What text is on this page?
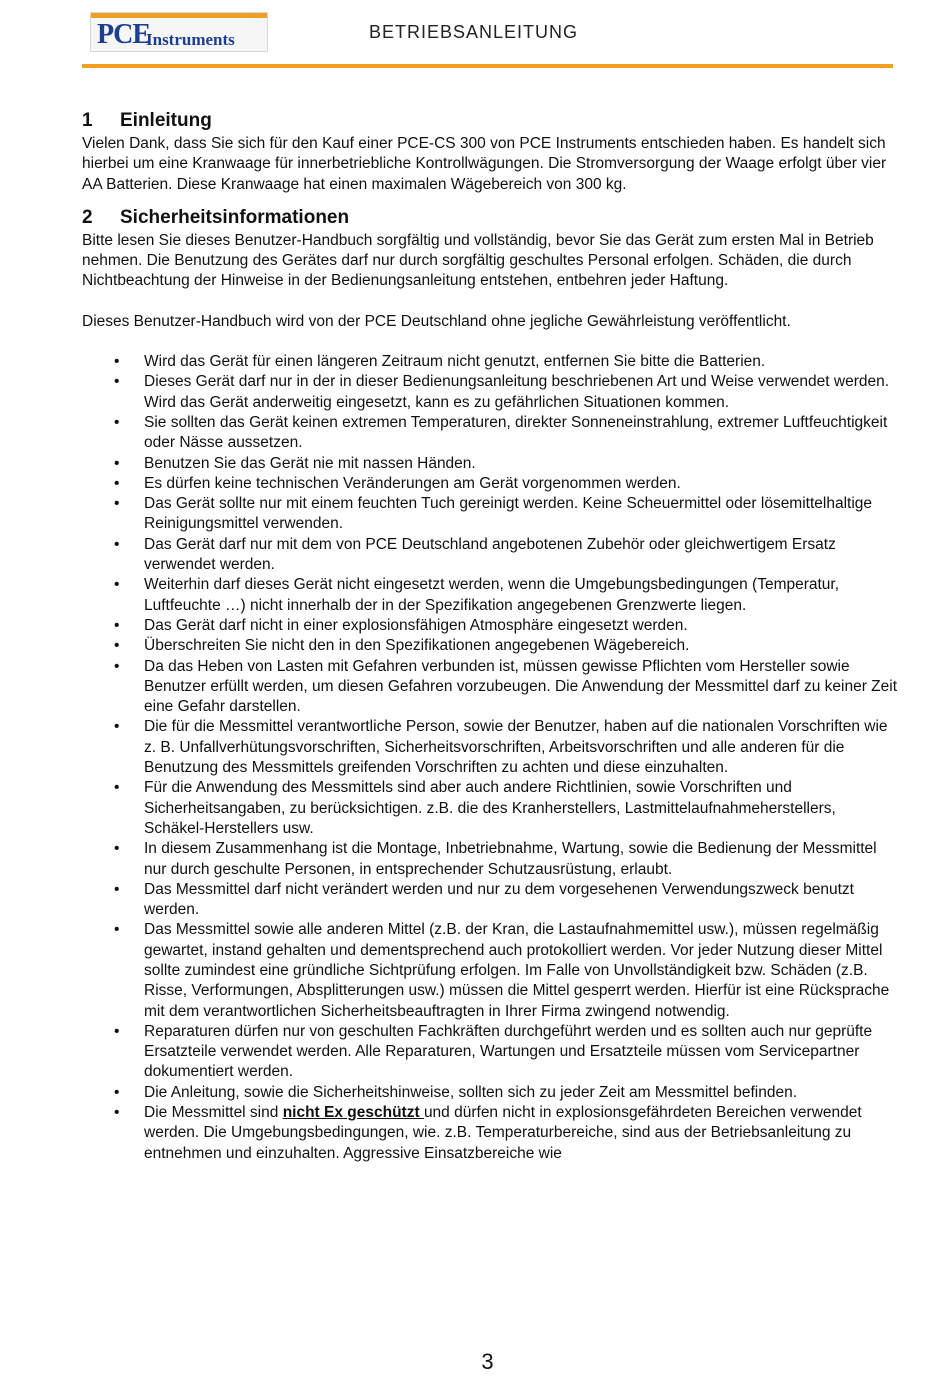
PCE
Instruments	BETRIEBSANLEITUNG
1	Einleitung

Vielen Dank, dass Sie sich für den Kauf einer PCE-CS 300 von PCE Instruments entschieden haben. Es handelt sich hierbei um eine Kranwaage für innerbetriebliche Kontrollwägungen. Die Stromversorgung der Waage erfolgt über vier AA Batterien. Diese Kranwaage hat einen maximalen Wägebereich von 300 kg.

2	Sicherheitsinformationen

Bitte lesen Sie dieses Benutzer-Handbuch sorgfältig und vollständig, bevor Sie das Gerät zum ersten Mal in Betrieb nehmen. Die Benutzung des Gerätes darf nur durch sorgfältig geschultes Personal erfolgen. Schäden, die durch Nichtbeachtung der Hinweise in der Bedienungsanleitung entstehen, entbehren jeder Haftung.

Dieses Benutzer-Handbuch wird von der PCE Deutschland ohne jegliche Gewährleistung veröffentlicht.

• Wird das Gerät für einen längeren Zeitraum nicht genutzt, entfernen Sie bitte die Batterien.
• Dieses Gerät darf nur in der in dieser Bedienungsanleitung beschriebenen Art und Weise verwendet werden. Wird das Gerät anderweitig eingesetzt, kann es zu gefährlichen Situationen kommen.
• Sie sollten das Gerät keinen extremen Temperaturen, direkter Sonneneinstrahlung, extremer Luftfeuchtigkeit oder Nässe aussetzen.
• Benutzen Sie das Gerät nie mit nassen Händen.
• Es dürfen keine technischen Veränderungen am Gerät vorgenommen werden.
• Das Gerät sollte nur mit einem feuchten Tuch gereinigt werden. Keine Scheuermittel oder lösemittelhaltige Reinigungsmittel verwenden.
• Das Gerät darf nur mit dem von PCE Deutschland angebotenen Zubehör oder gleichwertigem Ersatz verwendet werden.
• Weiterhin darf dieses Gerät nicht eingesetzt werden, wenn die Umgebungsbedingungen (Temperatur, Luftfeuchte …) nicht innerhalb der in der Spezifikation angegebenen Grenzwerte liegen.
• Das Gerät darf nicht in einer explosionsfähigen Atmosphäre eingesetzt werden.
• Überschreiten Sie nicht den in den Spezifikationen angegebenen Wägebereich.
• Da das Heben von Lasten mit Gefahren verbunden ist, müssen gewisse Pflichten vom Hersteller sowie Benutzer erfüllt werden, um diesen Gefahren vorzubeugen. Die Anwendung der Messmittel darf zu keiner Zeit eine Gefahr darstellen.
• Die für die Messmittel verantwortliche Person, sowie der Benutzer, haben auf die nationalen Vorschriften wie z. B. Unfallverhütungsvorschriften, Sicherheitsvorschriften, Arbeitsvorschriften und alle anderen für die Benutzung des Messmittels greifenden Vorschriften zu achten und diese einzuhalten.
• Für die Anwendung des Messmittels sind aber auch andere Richtlinien, sowie Vorschriften und Sicherheitsangaben, zu berücksichtigen. z.B. die des Kranherstellers, Lastmittelaufnahmeherstellers, Schäkel-Herstellers usw.
• In diesem Zusammenhang ist die Montage, Inbetriebnahme, Wartung, sowie die Bedienung der Messmittel nur durch geschulte Personen, in entsprechender Schutzausrüstung, erlaubt.
• Das Messmittel darf nicht verändert werden und nur zu dem vorgesehenen Verwendungszweck benutzt werden.
• Das Messmittel sowie alle anderen Mittel (z.B. der Kran, die Lastaufnahmemittel usw.), müssen regelmäßig gewartet, instand gehalten und dementsprechend auch protokolliert werden. Vor jeder Nutzung dieser Mittel sollte zumindest eine gründliche Sichtprüfung erfolgen. Im Falle von Unvollständigkeit bzw. Schäden (z.B. Risse, Verformungen, Absplitterungen usw.) müssen die Mittel gesperrt werden. Hierfür ist eine Rücksprache mit dem verantwortlichen Sicherheitsbeauftragten in Ihrer Firma zwingend notwendig.
• Reparaturen dürfen nur von geschulten Fachkräften durchgeführt werden und es sollten auch nur geprüfte Ersatzteile verwendet werden. Alle Reparaturen, Wartungen und Ersatzteile müssen vom Servicepartner dokumentiert werden.
• Die Anleitung, sowie die Sicherheitshinweise, sollten sich zu jeder Zeit am Messmittel befinden.
• Die Messmittel sind nicht Ex geschützt und dürfen nicht in explosionsgefährdeten Bereichen verwendet werden. Die Umgebungsbedingungen, wie. z.B. Temperaturbereiche, sind aus der Betriebsanleitung zu entnehmen und einzuhalten. Aggressive Einsatzbereiche wie
3
